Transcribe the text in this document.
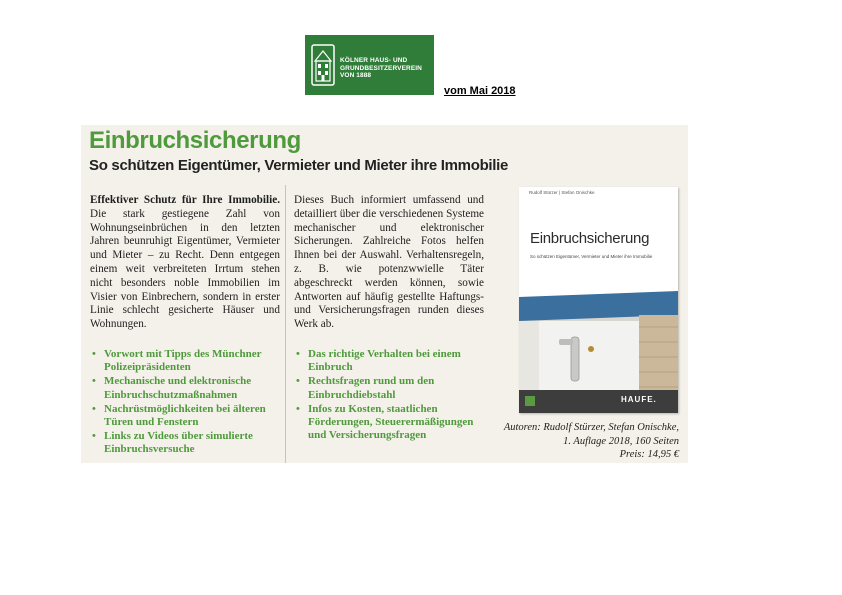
KÖLNER HAUS- UND
GRUNDBESITZERVEREIN
VON 1888
vom Mai 2018
Einbruchsicherung
So schützen Eigentümer, Vermieter und Mieter ihre Immobilie
Effektiver Schutz für Ihre Immobilie. Die stark gestiegene Zahl von Wohnungseinbrüchen in den letzten Jahren beunruhigt Eigentümer, Vermieter und Mieter – zu Recht. Denn entgegen einem weit verbreiteten Irrtum stehen nicht besonders noble Immobilien im Visier von Einbrechern, sondern in erster Linie schlecht gesicherte Häuser und Wohnungen.
Dieses Buch informiert umfassend und detailliert über die verschiedenen Systeme mechanischer und elektronischer Sicherungen. Zahlreiche Fotos helfen Ihnen bei der Auswahl. Verhaltensregeln, z. B. wie potenzwwielle Täter abgeschreckt werden können, sowie Antworten auf häufig gestellte Haftungs- und Versicherungsfragen runden dieses Werk ab.
• Vorwort mit Tipps des Münchner Polizeipräsidenten
• Mechanische und elektronische Einbruchschutzmaßnahmen
• Nachrüstmöglichkeiten bei älteren Türen und Fenstern
• Links zu Videos über simulierte Einbruchsversuche
• Das richtige Verhalten bei einem Einbruch
• Rechtsfragen rund um den Einbruchdiebstahl
• Infos zu Kosten, staatlichen Förderungen, Steuerermäßigungen und Versicherungsfragen
Rudolf Stürzer | Stefan Onischke
Einbruchsicherung
So schützen Eigentümer, Vermieter und Mieter ihre Immobilie
HAUFE.
Autoren: Rudolf Stürzer, Stefan Onischke,
1. Auflage 2018, 160 Seiten
Preis: 14,95 €
